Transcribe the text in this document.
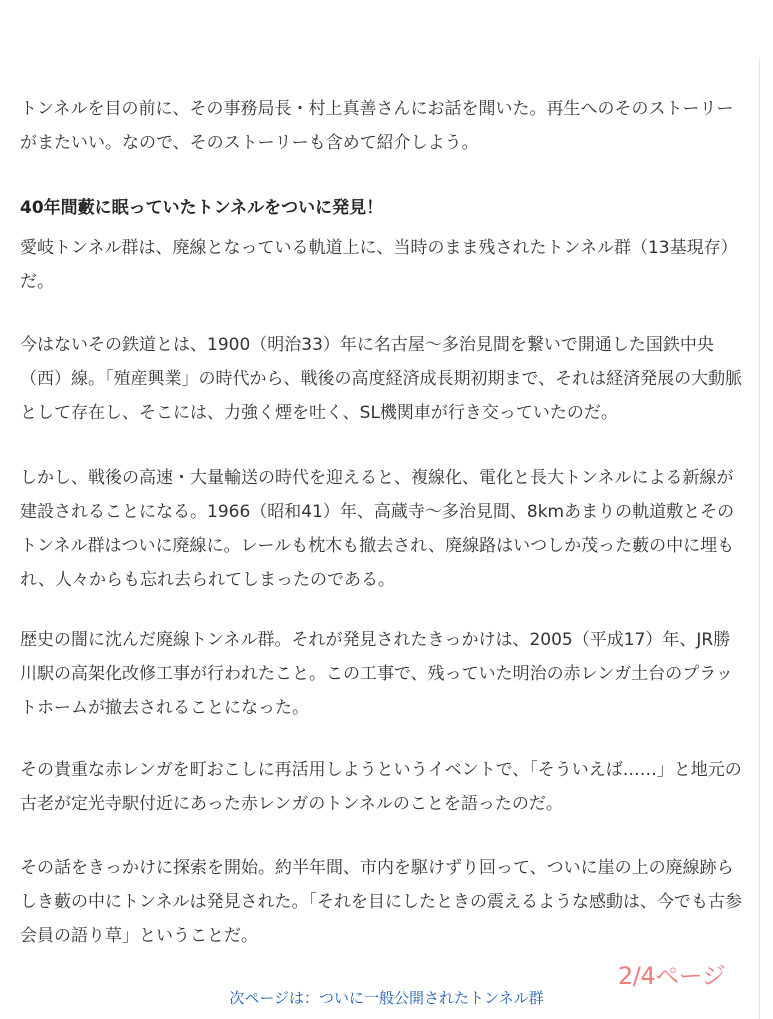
トンネルを目の前に、その事務局長・村上真善さんにお話を聞いた。再生へのそのストーリーがまたいい。なので、そのストーリーも含めて紹介しよう。

40年間藪に眠っていたトンネルをついに発見！

愛岐トンネル群は、廃線となっている軌道上に、当時のまま残されたトンネル群（13基現存）だ。

今はないその鉄道とは、1900（明治33）年に名古屋～多治見間を繋いで開通した国鉄中央（西）線。「殖産興業」の時代から、戦後の高度経済成長期初期まで、それは経済発展の大動脈として存在し、そこには、力強く煙を吐く、SL機関車が行き交っていたのだ。

しかし、戦後の高速・大量輸送の時代を迎えると、複線化、電化と長大トンネルによる新線が建設されることになる。1966（昭和41）年、高蔵寺～多治見間、8kmあまりの軌道敷とそのトンネル群はついに廃線に。レールも枕木も撤去され、廃線路はいつしか茂った藪の中に埋もれ、人々からも忘れ去られてしまったのである。

歴史の闇に沈んだ廃線トンネル群。それが発見されたきっかけは、2005（平成17）年、JR勝川駅の高架化改修工事が行われたこと。この工事で、残っていた明治の赤レンガ土台のプラットホームが撤去されることになった。

その貴重な赤レンガを町おこしに再活用しようというイベントで、「そういえば……」と地元の古老が定光寺駅付近にあった赤レンガのトンネルのことを語ったのだ。

その話をきっかけに探索を開始。約半年間、市内を駆けずり回って、ついに崖の上の廃線跡らしき藪の中にトンネルは発見された。「それを目にしたときの震えるような感動は、今でも古参会員の語り草」ということだ。

2/4ページ
次ページは：ついに一般公開されたトンネル群
